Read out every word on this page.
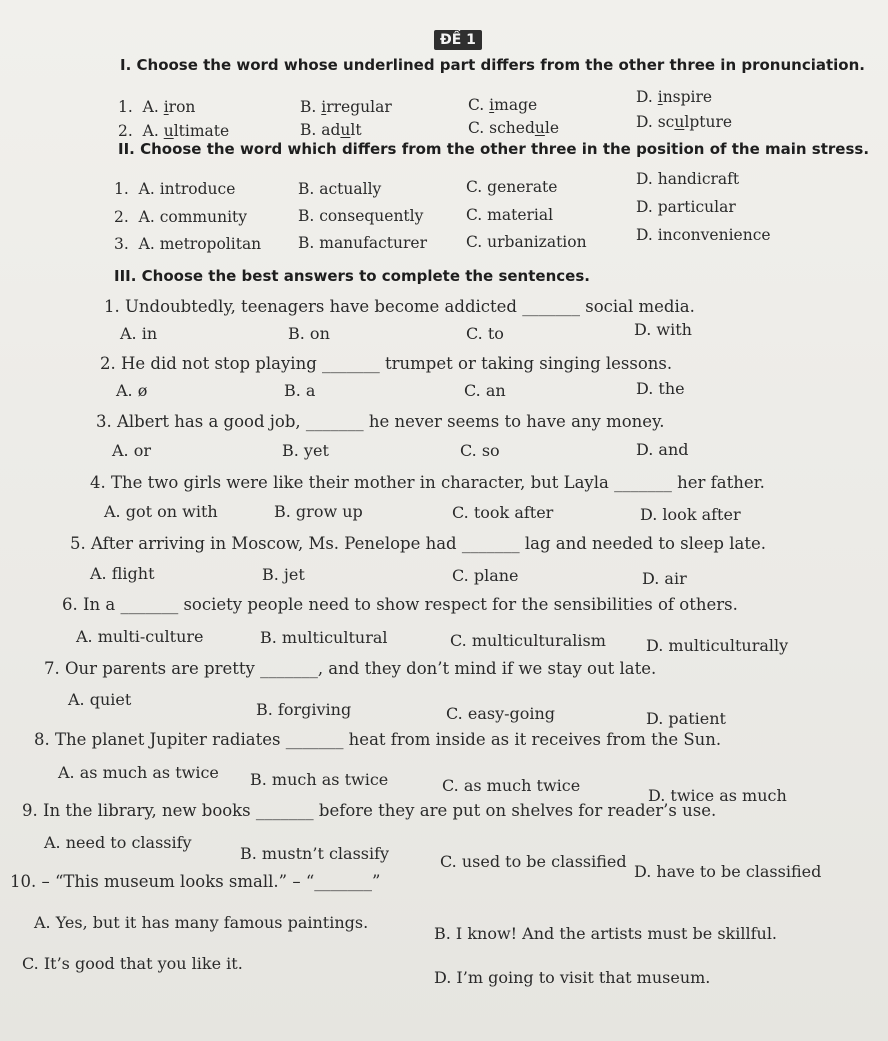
ĐỀ 1
I. Choose the word whose underlined part differs from the other three in pronunciation.
1.  A. iron	B. irregular	C. image	D. inspire
2.  A. ultimate	B. adult	C. schedule	D. sculpture
II. Choose the word which differs from the other three in the position of the main stress.
1. A. introduce	B. actually	C. generate	D. handicraft
2. A. community	B. consequently	C. material	D. particular
3. A. metropolitan B. manufacturer	C. urbanization	D. inconvenience
III. Choose the best answers to complete the sentences.
1. Undoubtedly, teenagers have become addicted _______ social media.
A. in	B. on	C. to	D. with
2. He did not stop playing _______ trumpet or taking singing lessons.
A. ø	B. a	C. an	D. the
3. Albert has a good job, _______ he never seems to have any money.
A. or	B. yet	C. so	D. and
4. The two girls were like their mother in character, but Layla _______ her father.
A. got on with	B. grow up	C. took after	D. look after
5. After arriving in Moscow, Ms. Penelope had _______ lag and needed to sleep late.
A. flight	B. jet	C. plane	D. air
6. In a _______ society people need to show respect for the sensibilities of others.
A. multi-culture	B. multicultural	C. multiculturalism	D. multiculturally
7. Our parents are pretty _______, and they don’t mind if we stay out late.
A. quiet
B. forgiving	C. easy-going	D. patient
8. The planet Jupiter radiates _______ heat from inside as it receives from the Sun.
A. as much as twice B. much as twice	C. as much twice
D. twice as much
9. In the library, new books _______ before they are put on shelves for reader’s use.
A. need to classify
B. mustn’t classify	C. used to be classified
D. have to be classified
10. – “This museum looks small.” – “_______”
A. Yes, but it has many famous paintings.
B. I know! And the artists must be skillful.
C. It’s good that you like it.
D. I’m going to visit that museum.
